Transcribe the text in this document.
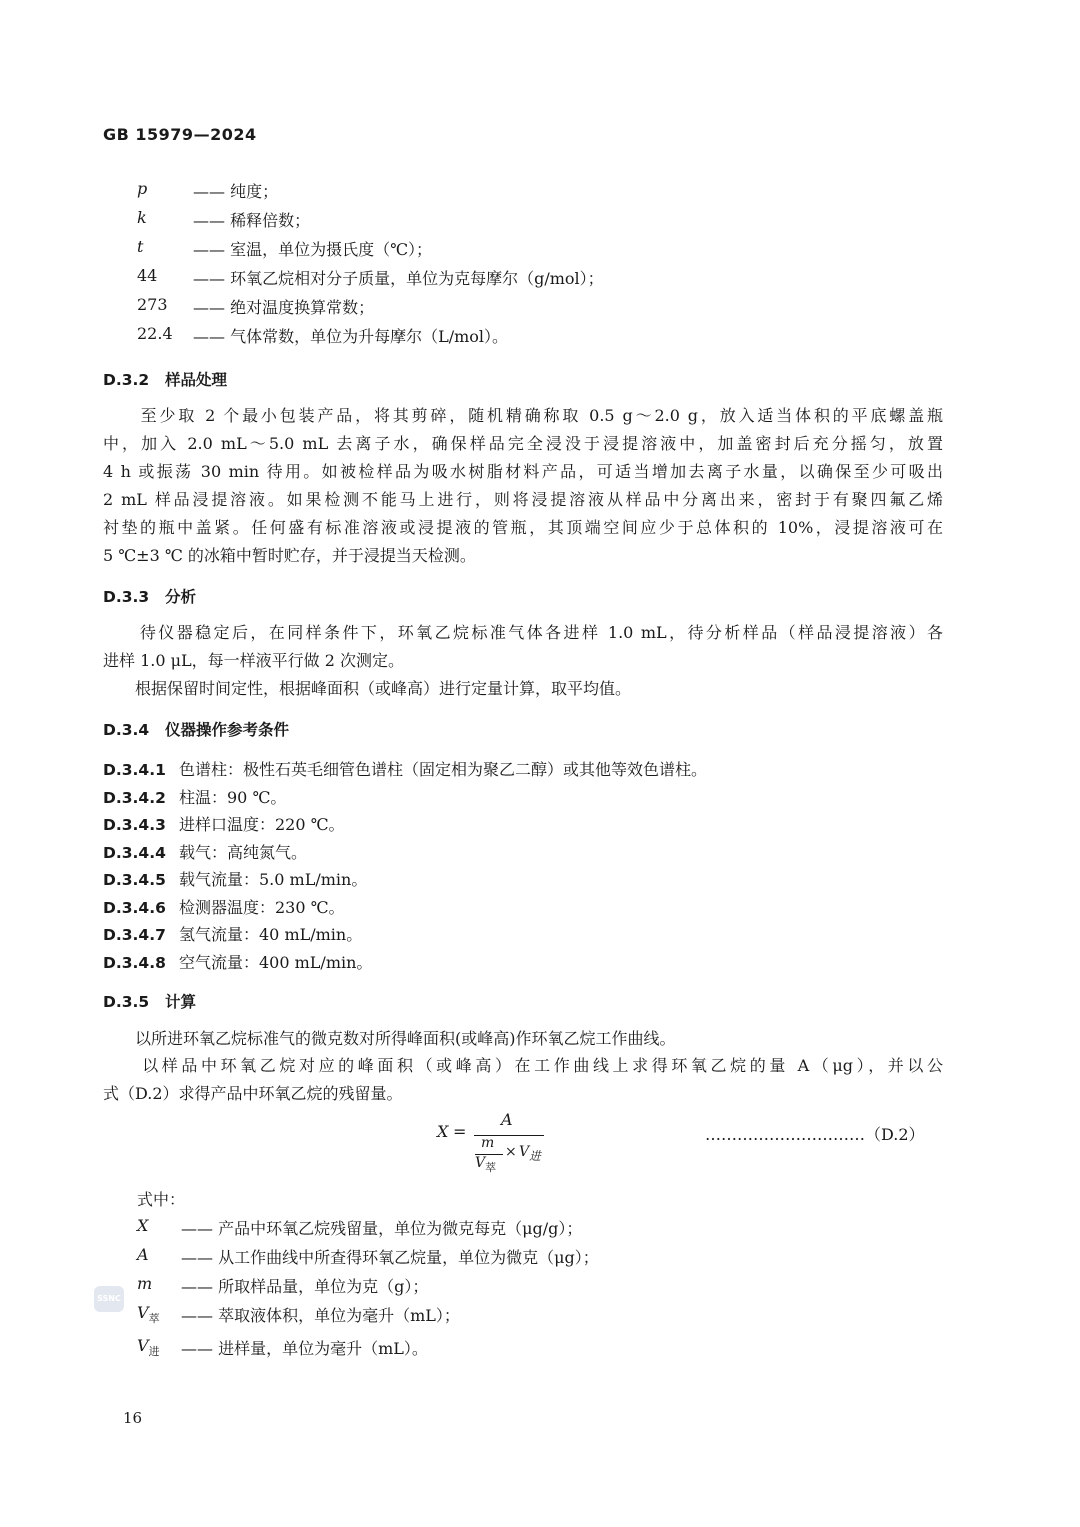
GB 15979—2024
p	—— 纯度；
k	—— 稀释倍数；
t	—— 室温，单位为摄氏度（℃）；
44 —— 环氧乙烷相对分子质量，单位为克每摩尔（g/mol）；
273 —— 绝对温度换算常数；
22.4 —— 气体常数，单位为升每摩尔（L/mol）。
D.3.2 样品处理
　　至少取 2 个最小包装产品，将其剪碎，随机精确称取 0.5 g～2.0 g，放入适当体积的平底螺盖瓶
中，加入 2.0 mL～5.0 mL 去离子水，确保样品完全浸没于浸提溶液中，加盖密封后充分摇匀，放置
4 h 或振荡 30 min 待用。如被检样品为吸水树脂材料产品，可适当增加去离子水量，以确保至少可吸出
2 mL 样品浸提溶液。如果检测不能马上进行，则将浸提溶液从样品中分离出来，密封于有聚四氟乙烯
衬垫的瓶中盖紧。任何盛有标准溶液或浸提液的管瓶，其顶端空间应少于总体积的 10%，浸提溶液可在
5 ℃±3 ℃ 的冰箱中暂时贮存，并于浸提当天检测。
D.3.3 分析
　　待仪器稳定后，在同样条件下，环氧乙烷标准气体各进样 1.0 mL，待分析样品（样品浸提溶液）各
进样 1.0 μL，每一样液平行做 2 次测定。
　　根据保留时间定性，根据峰面积（或峰高）进行定量计算，取平均值。
D.3.4 仪器操作参考条件
D.3.4.1 色谱柱：极性石英毛细管色谱柱（固定相为聚乙二醇）或其他等效色谱柱。
D.3.4.2 柱温：90 ℃。
D.3.4.3 进样口温度：220 ℃。
D.3.4.4 载气：高纯氮气。
D.3.4.5 载气流量：5.0 mL/min。
D.3.4.6 检测器温度：230 ℃。
D.3.4.7 氢气流量：40 mL/min。
D.3.4.8 空气流量：400 mL/min。
D.3.5 计算
　　以所进环氧乙烷标准气的微克数对所得峰面积(或峰高)作环氧乙烷工作曲线。
　　以样品中环氧乙烷对应的峰面积（或峰高）在工作曲线上求得环氧乙烷的量 A（μg），并以公
式（D.2）求得产品中环氧乙烷的残留量。
X =
A
m
$V_萃$
× $V_进$
…………………………（D.2）
式中：
X —— 产品中环氧乙烷残留量，单位为微克每克（μg/g）；
A —— 从工作曲线中所查得环氧乙烷量，单位为微克（μg）；
m —— 所取样品量，单位为克（g）；
$V_萃$ —— 萃取液体积，单位为毫升（mL）；
$V_进$ —— 进样量，单位为毫升（mL）。
SSNC
16
